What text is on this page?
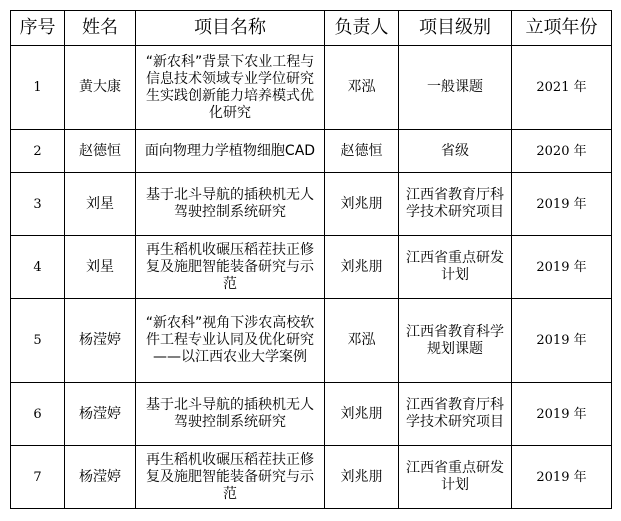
序号	姓名	项目名称	负责人	项目级别	立项年份
1	黄大康	“新农科”背景下农业工程与信息技术领域专业学位研究生实践创新能力培养模式优化研究	邓泓	一般课题	2021 年
2	赵德恒	面向物理力学植物细胞CAD	赵德恒	省级	2020 年
3	刘星	基于北斗导航的插秧机无人驾驶控制系统研究	刘兆朋	江西省教育厅科学技术研究项目	2019 年
4	刘星	再生稻机收碾压稻茬扶正修复及施肥智能装备研究与示范	刘兆朋	江西省重点研发计划	2019 年
5	杨滢婷	“新农科”视角下涉农高校软件工程专业认同及优化研究——以江西农业大学案例	邓泓	江西省教育科学规划课题	2019 年
6	杨滢婷	基于北斗导航的插秧机无人驾驶控制系统研究	刘兆朋	江西省教育厅科学技术研究项目	2019 年
7	杨滢婷	再生稻机收碾压稻茬扶正修复及施肥智能装备研究与示范	刘兆朋	江西省重点研发计划	2019 年
